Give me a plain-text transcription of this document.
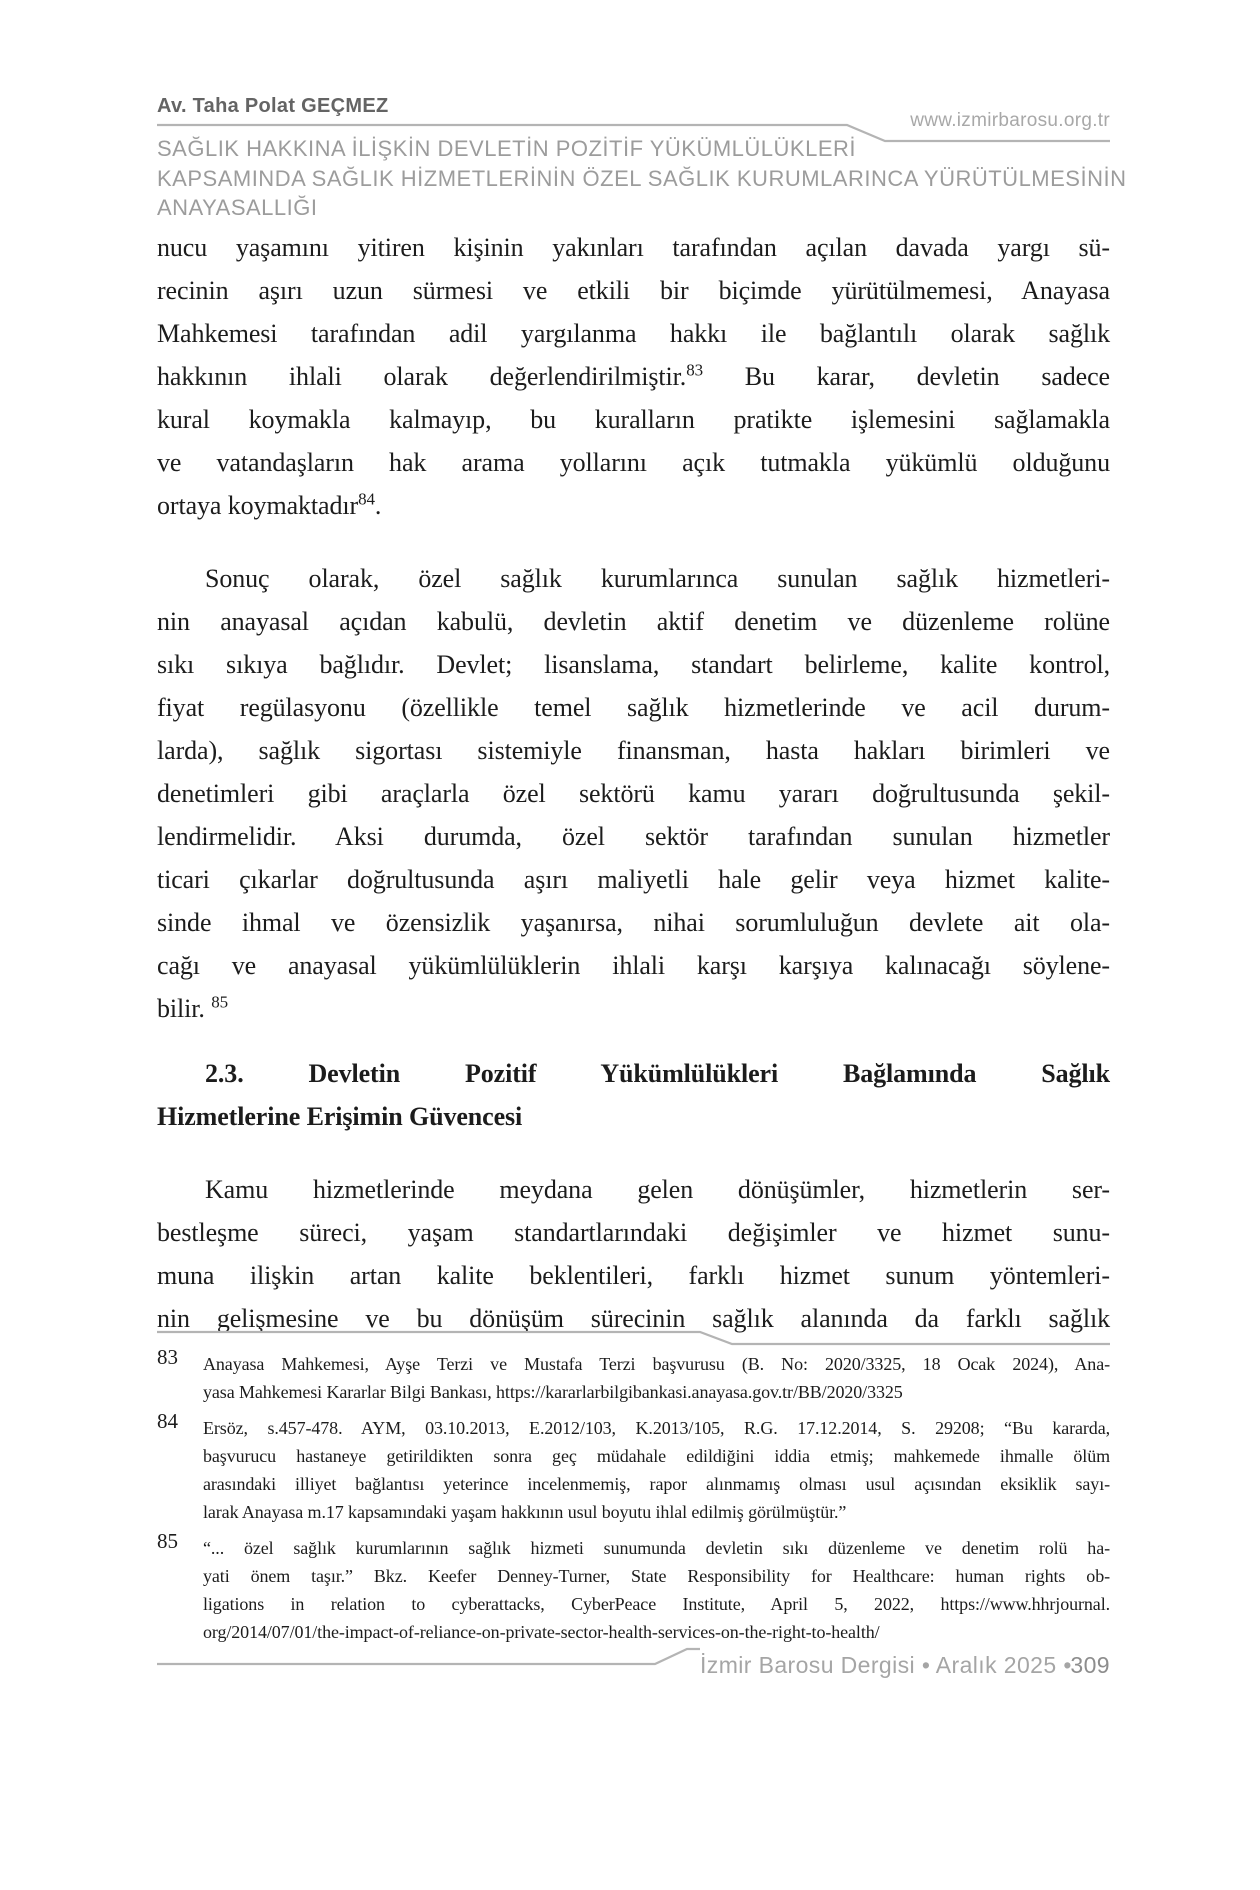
Av. Taha Polat GEÇMEZ
www.izmirbarosu.org.tr
SAĞLIK HAKKINA İLİŞKİN DEVLETİN POZİTİF YÜKÜMLÜLÜKLERİ
KAPSAMINDA SAĞLIK HİZMETLERİNİN ÖZEL SAĞLIK KURUMLARINCA YÜRÜTÜLMESİNİN
ANAYASALLIĞI
nucu yaşamını yitiren kişinin yakınları tarafından açılan davada yargı sü-
recinin aşırı uzun sürmesi ve etkili bir biçimde yürütülmemesi, Anayasa
Mahkemesi tarafından adil yargılanma hakkı ile bağlantılı olarak sağlık
hakkının ihlali olarak değerlendirilmiştir.$^{83}$ Bu karar, devletin sadece
kural koymakla kalmayıp, bu kuralların pratikte işlemesini sağlamakla
ve vatandaşların hak arama yollarını açık tutmakla yükümlü olduğunu
ortaya koymaktadır$^{84}$.
Sonuç olarak, özel sağlık kurumlarınca sunulan sağlık hizmetleri-
nin anayasal açıdan kabulü, devletin aktif denetim ve düzenleme rolüne
sıkı sıkıya bağlıdır. Devlet; lisanslama, standart belirleme, kalite kontrol,
fiyat regülasyonu (özellikle temel sağlık hizmetlerinde ve acil durum-
larda), sağlık sigortası sistemiyle finansman, hasta hakları birimleri ve
denetimleri gibi araçlarla özel sektörü kamu yararı doğrultusunda şekil-
lendirmelidir. Aksi durumda, özel sektör tarafından sunulan hizmetler
ticari çıkarlar doğrultusunda aşırı maliyetli hale gelir veya hizmet kalite-
sinde ihmal ve özensizlik yaşanırsa, nihai sorumluluğun devlete ait ola-
cağı ve anayasal yükümlülüklerin ihlali karşı karşıya kalınacağı söylene-
bilir. $^{85}$
2.3. Devletin Pozitif Yükümlülükleri Bağlamında Sağlık
Hizmetlerine Erişimin Güvencesi
Kamu hizmetlerinde meydana gelen dönüşümler, hizmetlerin ser-
bestleşme süreci, yaşam standartlarındaki değişimler ve hizmet sunu-
muna ilişkin artan kalite beklentileri, farklı hizmet sunum yöntemleri-
nin gelişmesine ve bu dönüşüm sürecinin sağlık alanında da farklı sağlık
83 Anayasa Mahkemesi, Ayşe Terzi ve Mustafa Terzi başvurusu (B. No: 2020/3325, 18 Ocak 2024), Ana-
yasa Mahkemesi Kararlar Bilgi Bankası, https://kararlarbilgibankasi.anayasa.gov.tr/BB/2020/3325
84 Ersöz, s.457-478. AYM, 03.10.2013, E.2012/103, K.2013/105, R.G. 17.12.2014, S. 29208; “Bu kararda,
başvurucu hastaneye getirildikten sonra geç müdahale edildiğini iddia etmiş; mahkemede ihmalle ölüm
arasındaki illiyet bağlantısı yeterince incelenmemiş, rapor alınmamış olması usul açısından eksiklik sayı-
larak Anayasa m.17 kapsamındaki yaşam hakkının usul boyutu ihlal edilmiş görülmüştür.”
85 “... özel sağlık kurumlarının sağlık hizmeti sunumunda devletin sıkı düzenleme ve denetim rolü ha-
yati önem taşır.” Bkz. Keefer Denney-Turner, State Responsibility for Healthcare: human rights ob-
ligations in relation to cyberattacks, CyberPeace Institute, April 5, 2022, https://www.hhrjournal.
org/2014/07/01/the-impact-of-reliance-on-private-sector-health-services-on-the-right-to-health/
İzmir Barosu Dergisi • Aralık 2025 •
309
